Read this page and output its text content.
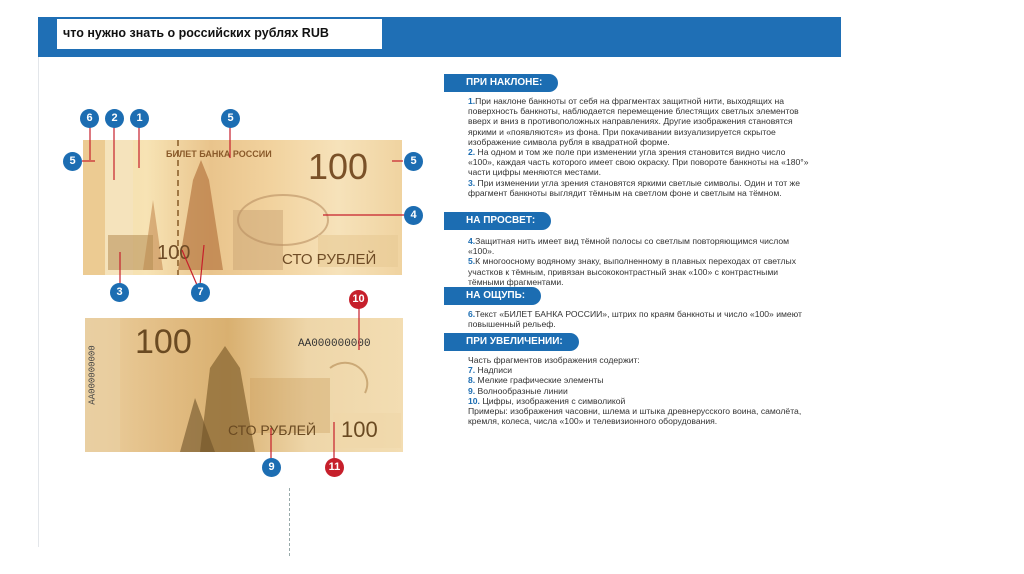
что нужно знать о российских рублях RUB
БИЛЕТ БАНКА РОССИИ 100
100	СТО РУБЛЕЙ
100	АА000000000
АА000000000
СТО РУБЛЕЙ 100
6	2	1	5
5	5
4
3	7
10
9	11
ПРИ НАКЛОНЕ:

1.При наклоне банкноты от себя на фрагментах защитной нити, выходящих на поверхность банкноты, наблюдается перемещение блестящих светлых элементов вверх и вниз в противоположных направлениях. Другие изображения становятся яркими и «появляются» из фона. При покачивании визуализируется скрытое изображение символа рубля в квадратной форме.

2. На одном и том же поле при изменении угла зрения становится видно число «100», каждая часть которого имеет свою окраску. При повороте банкноты на «180°» части цифры меняются местами.

3. При изменении угла зрения становятся яркими светлые символы. Один и тот же фрагмент банкноты выглядит тёмным на светлом фоне и светлым на тёмном.

НА ПРОСВЕТ:

4.Защитная нить имеет вид тёмной полосы со светлым повторяющимся числом «100».

5.К многоосному водяному знаку, выполненному в плавных переходах от светлых участков к тёмным, привязан высококонтрастный знак «100» с контрастными тёмными фрагментами.

НА ОЩУПЬ:

6.Текст «БИЛЕТ БАНКА РОССИИ», штрих по краям банкноты и число «100» имеют повышенный рельеф.

ПРИ УВЕЛИЧЕНИИ:

Часть фрагментов изображения содержит:

7. Надписи

8. Мелкие графические элементы

9. Волнообразные линии

10. Цифры, изображения с символикой

Примеры: изображения часовни, шлема и штыка древнерусского воина, самолёта, кремля, колеса, числа «100» и телевизионного оборудования.
